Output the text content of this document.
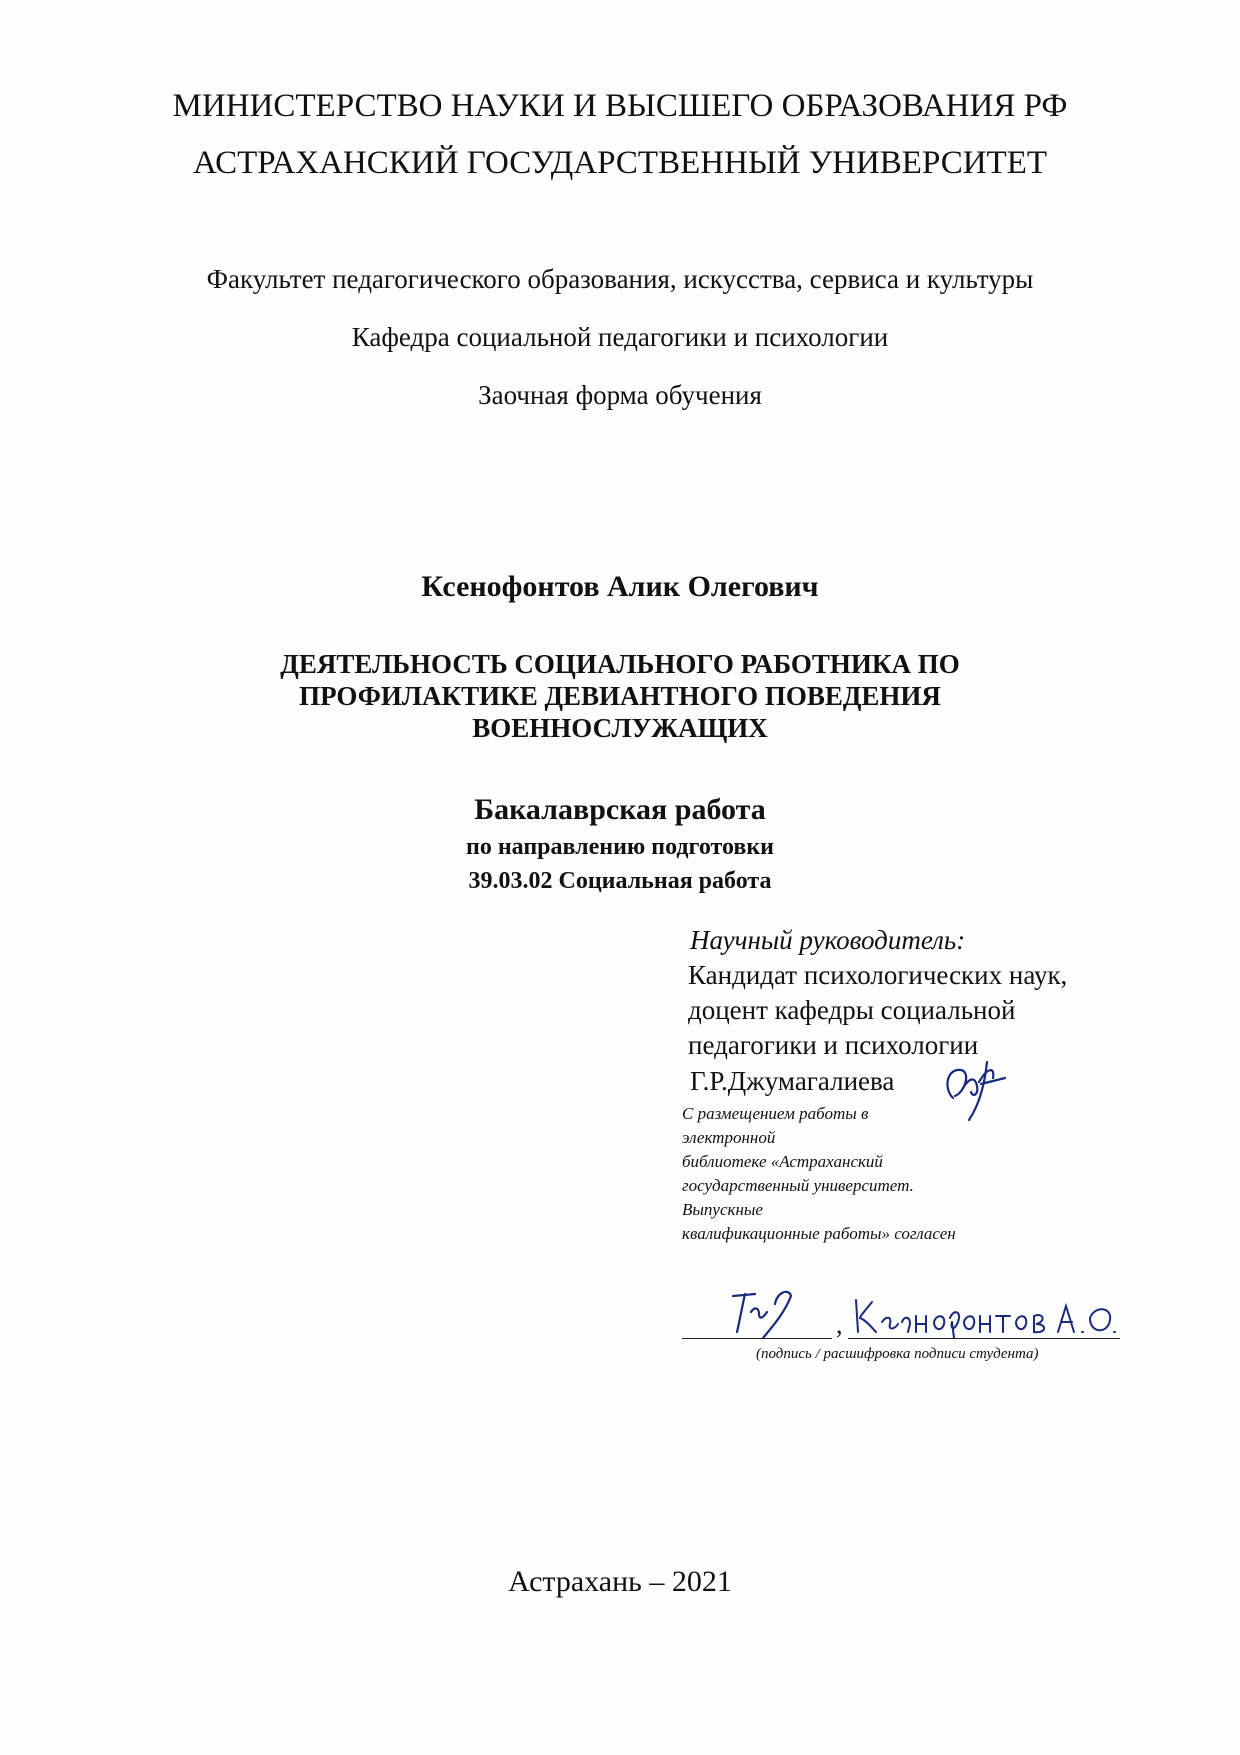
МИНИСТЕРСТВО НАУКИ И ВЫСШЕГО ОБРАЗОВАНИЯ РФ
АСТРАХАНСКИЙ ГОСУДАРСТВЕННЫЙ УНИВЕРСИТЕТ
Факультет педагогического образования, искусства, сервиса и культуры
Кафедра социальной педагогики и психологии
Заочная форма обучения
Ксенофонтов Алик Олегович
ДЕЯТЕЛЬНОСТЬ СОЦИАЛЬНОГО РАБОТНИКА ПО
ПРОФИЛАКТИКЕ ДЕВИАНТНОГО ПОВЕДЕНИЯ
ВОЕННОСЛУЖАЩИХ
Бакалаврская работа
по направлению подготовки
39.03.02 Социальная работа
Научный руководитель:
Кандидат психологических наук,
доцент кафедры социальной
педагогики и психологии
Г.Р.Джумагалиева
С размещением работы в
электронной
библиотеке «Астраханский
государственный университет.
Выпускные
квалификационные работы» согласен
,
(подпись / расшифровка подписи студента)
Астрахань – 2021
